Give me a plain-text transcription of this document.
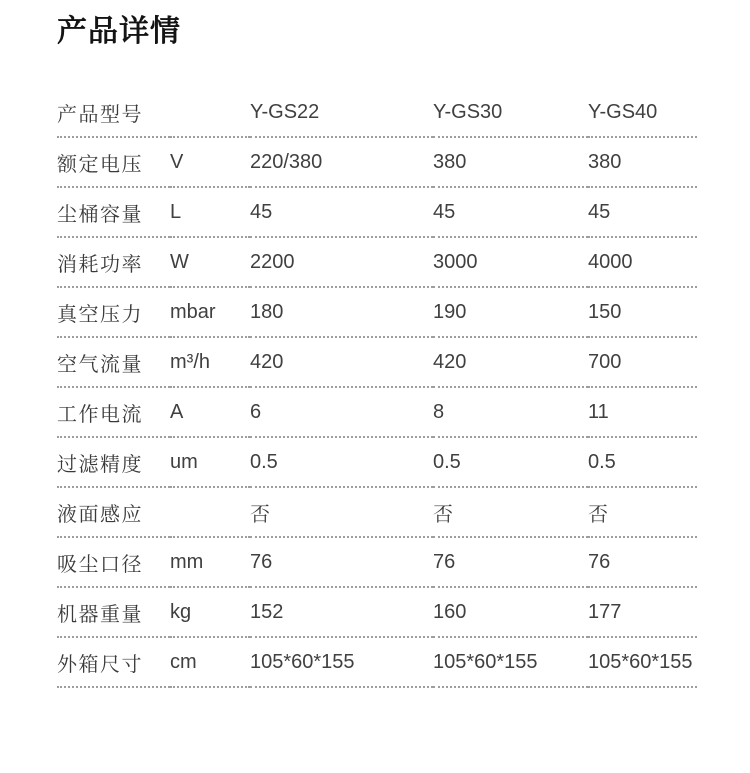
产品详情
产品型号		Y-GS22	Y-GS30	Y-GS40
额定电压	V	220/380	380	380
尘桶容量	L	45	45	45
消耗功率	W	2200	3000	4000
真空压力	mbar	180	190	150
空气流量	m³/h	420	420	700
工作电流	A	6	8	11
过滤精度	um	0.5	0.5	0.5
液面感应		否	否	否
吸尘口径	mm	76	76	76
机器重量	kg	152	160	177
外箱尺寸	cm	105*60*155	105*60*155	105*60*155
